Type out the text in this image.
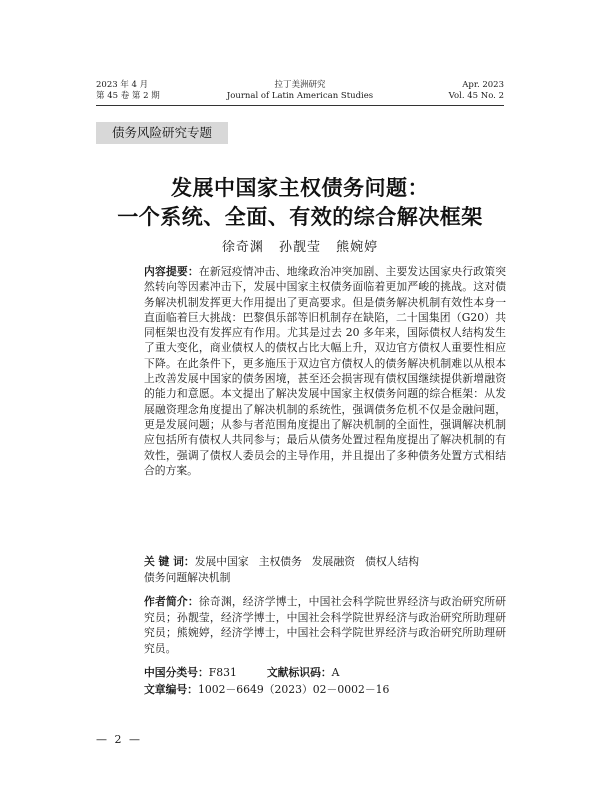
2023 年 4 月
第 45 卷 第 2 期
拉丁美洲研究
Journal of Latin American Studies
Apr. 2023
Vol. 45 No. 2
债务风险研究专题
发展中国家主权债务问题：
一个系统、全面、有效的综合解决框架
徐奇渊 孙靓莹 熊婉婷
内容提要：在新冠疫情冲击、地缘政治冲突加剧、主要发达国家央行政策突然转向等因素冲击下，发展中国家主权债务面临着更加严峻的挑战。这对债务解决机制发挥更大作用提出了更高要求。但是债务解决机制有效性本身一直面临着巨大挑战：巴黎俱乐部等旧机制存在缺陷，二十国集团（G20）共同框架也没有发挥应有作用。尤其是过去 20 多年来，国际债权人结构发生了重大变化，商业债权人的债权占比大幅上升，双边官方债权人重要性相应下降。在此条件下，更多施压于双边官方债权人的债务解决机制难以从根本上改善发展中国家的债务困境，甚至还会损害现有债权国继续提供新增融资的能力和意愿。本文提出了解决发展中国家主权债务问题的综合框架：从发展融资理念角度提出了解决机制的系统性，强调债务危机不仅是金融问题，更是发展问题；从参与者范围角度提出了解决机制的全面性，强调解决机制应包括所有债权人共同参与；最后从债务处置过程角度提出了解决机制的有效性，强调了债权人委员会的主导作用，并且提出了多种债务处置方式相结合的方案。
关 键 词：发展中国家 主权债务 发展融资 债权人结构
债务问题解决机制
作者简介：徐奇渊，经济学博士，中国社会科学院世界经济与政治研究所研究员；孙靓莹，经济学博士，中国社会科学院世界经济与政治研究所助理研究员；熊婉婷，经济学博士，中国社会科学院世界经济与政治研究所助理研究员。
中国分类号：F831	文献标识码：A
文章编号：1002－6649（2023）02－0002－16
— 2 —
